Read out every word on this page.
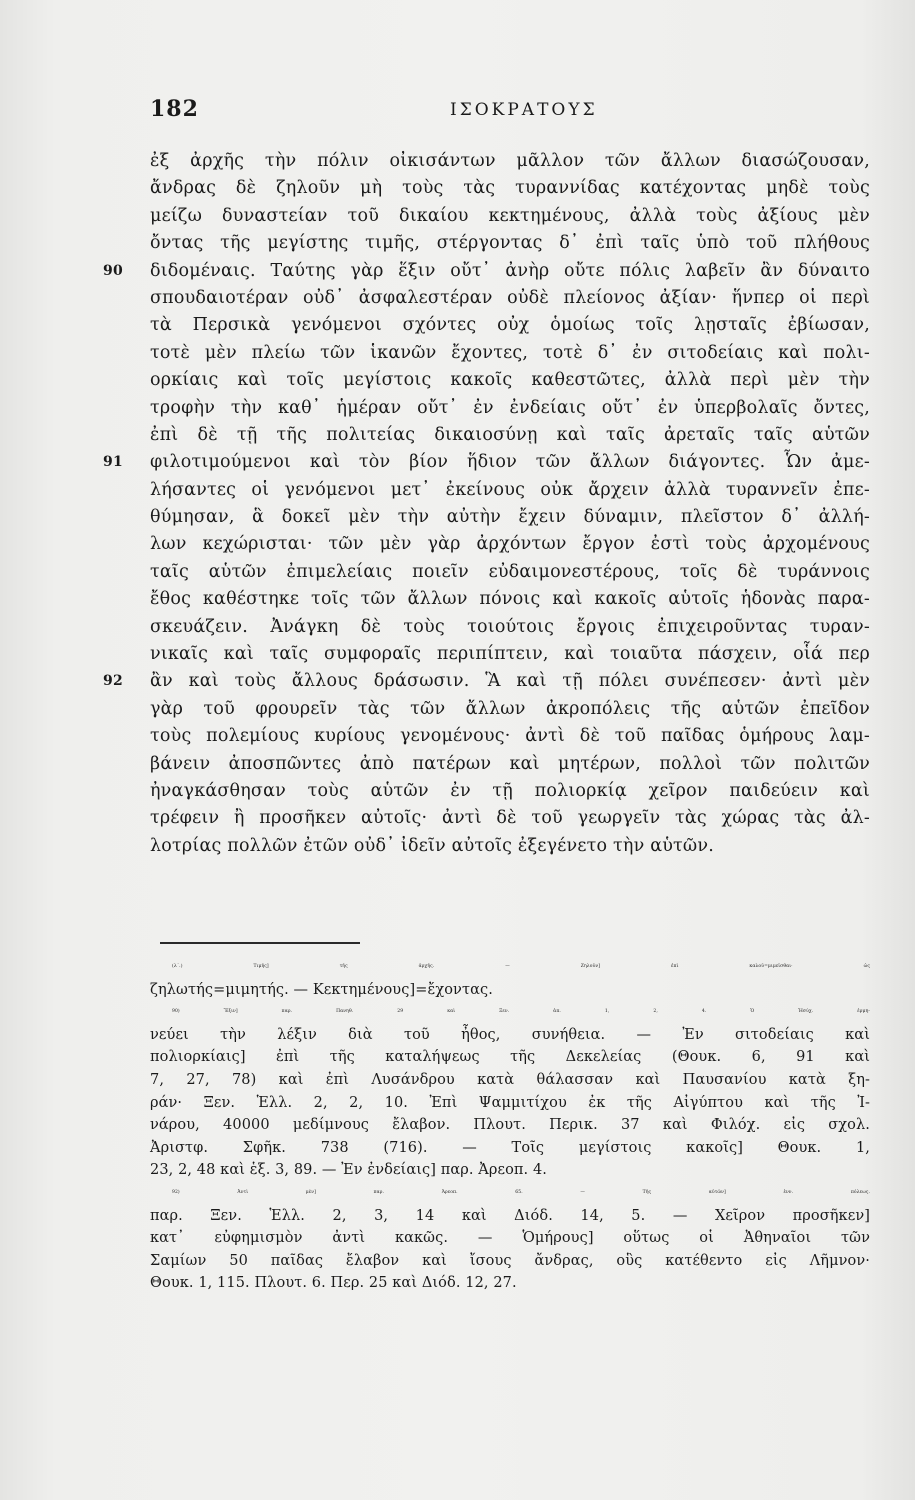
182	ΙΣΟΚΡΑΤΟΥΣ
ἐξ ἀρχῆς τὴν πόλιν οἰκισάντων μᾶλλον τῶν ἄλλων διασώζουσαν,
ἄνδρας δὲ ζηλοῦν μὴ τοὺς τὰς τυραννίδας κατέχοντας μηδὲ τοὺς
μείζω δυναστείαν τοῦ δικαίου κεκτημένους, ἀλλὰ τοὺς ἀξίους μὲν
ὄντας τῆς μεγίστης τιμῆς, στέργοντας δ᾽ ἐπὶ ταῖς ὑπὸ τοῦ πλήθους
90 διδομέναις. Ταύτης γὰρ ἕξιν οὔτ᾽ ἀνὴρ οὔτε πόλις λαβεῖν ἂν δύναιτο
σπουδαιοτέραν οὐδ᾽ ἀσφαλεστέραν οὐδὲ πλείονος ἀξίαν· ἥνπερ οἱ περὶ
τὰ Περσικὰ γενόμενοι σχόντες οὐχ ὁμοίως τοῖς λῃσταῖς ἐβίωσαν,
τοτὲ μὲν πλείω τῶν ἱκανῶν ἔχοντες, τοτὲ δ᾽ ἐν σιτοδείαις καὶ πολι-
ορκίαις καὶ τοῖς μεγίστοις κακοῖς καθεστῶτες, ἀλλὰ περὶ μὲν τὴν
τροφὴν τὴν καθ᾽ ἡμέραν οὔτ᾽ ἐν ἐνδείαις οὔτ᾽ ἐν ὑπερβολαῖς ὄντες,
ἐπὶ δὲ τῇ τῆς πολιτείας δικαιοσύνῃ καὶ ταῖς ἀρεταῖς ταῖς αὑτῶν
91 φιλοτιμούμενοι καὶ τὸν βίον ἥδιον τῶν ἄλλων διάγοντες. Ὧν ἀμε-
λήσαντες οἱ γενόμενοι μετ᾽ ἐκείνους οὐκ ἄρχειν ἀλλὰ τυραννεῖν ἐπε-
θύμησαν, ἃ δοκεῖ μὲν τὴν αὐτὴν ἔχειν δύναμιν, πλεῖστον δ᾽ ἀλλή-
λων κεχώρισται· τῶν μὲν γὰρ ἀρχόντων ἔργον ἐστὶ τοὺς ἀρχομένους
ταῖς αὑτῶν ἐπιμελείαις ποιεῖν εὐδαιμονεστέρους, τοῖς δὲ τυράννοις
ἔθος καθέστηκε τοῖς τῶν ἄλλων πόνοις καὶ κακοῖς αὑτοῖς ἡδονὰς παρα-
σκευάζειν. Ἀνάγκη δὲ τοὺς τοιούτοις ἔργοις ἐπιχειροῦντας τυραν-
νικαῖς καὶ ταῖς συμφοραῖς περιπίπτειν, καὶ τοιαῦτα πάσχειν, οἷά περ
92 ἂν καὶ τοὺς ἄλλους δράσωσιν. Ἃ καὶ τῇ πόλει συνέπεσεν· ἀντὶ μὲν
γὰρ τοῦ φρουρεῖν τὰς τῶν ἄλλων ἀκροπόλεις τῆς αὑτῶν ἐπεῖδον
τοὺς πολεμίους κυρίους γενομένους· ἀντὶ δὲ τοῦ παῖδας ὁμήρους λαμ-
βάνειν ἀποσπῶντες ἀπὸ πατέρων καὶ μητέρων, πολλοὶ τῶν πολιτῶν
ἠναγκάσθησαν τοὺς αὑτῶν ἐν τῇ πολιορκίᾳ χεῖρον παιδεύειν καὶ
τρέφειν ἢ προσῆκεν αὐτοῖς· ἀντὶ δὲ τοῦ γεωργεῖν τὰς χώρας τὰς ἀλ-
λοτρίας πολλῶν ἐτῶν οὐδ᾽ ἰδεῖν αὐτοῖς ἐξεγένετο τὴν αὑτῶν.
(λ΄.) Τιμῆς] τῆς ἀρχῆς. — Ζηλοῦν] ἐπὶ καλοῦ=μιμεῖσθαι· ὡς
ζηλωτής=μιμητής. — Κεκτημένους]=ἔχοντας.
90) Ἕξιν] παρ. Πανηθ. 29 καὶ Ξεν. ἀπ. 1, 2, 4. Ὁ Ἡσύχ. ἑρμη-
νεύει τὴν λέξιν διὰ τοῦ ἦθος, συνήθεια. — Ἐν σιτοδείαις καὶ
πολιορκίαις] ἐπὶ τῆς καταλήψεως τῆς Δεκελείας (Θουκ. 6, 91 καὶ
7, 27, 78) καὶ ἐπὶ Λυσάνδρου κατὰ θάλασσαν καὶ Παυσανίου κατὰ ξη-
ράν· Ξεν. Ἑλλ. 2, 2, 10. Ἐπὶ Ψαμμιτίχου ἐκ τῆς Αἰγύπτου καὶ τῆς Ἰ-
νάρου, 40000 μεδίμνους ἔλαβον. Πλουτ. Περικ. 37 καὶ Φιλόχ. εἰς σχολ.
Ἀριστφ. Σφῆκ. 738 (716). — Τοῖς μεγίστοις κακοῖς] Θουκ. 1,
23, 2, 48 καὶ ἑξ. 3, 89. — Ἐν ἐνδείαις] παρ. Ἀρεοπ. 4.
92) Ἀντὶ μὲν] παρ. Ἀρεοπ. 65. — Τῆς αὑτῶν] ἐνν. πόλεως.
παρ. Ξεν. Ἑλλ. 2, 3, 14 καὶ Διόδ. 14, 5. — Χεῖρον προσῆκεν]
κατ᾽ εὐφημισμὸν ἀντὶ κακῶς. — Ὁμήρους] οὕτως οἱ Ἀθηναῖοι τῶν
Σαμίων 50 παῖδας ἔλαβον καὶ ἴσους ἄνδρας, οὓς κατέθεντο εἰς Λῆμνον·
Θουκ. 1, 115. Πλουτ. 6. Περ. 25 καὶ Διόδ. 12, 27.
